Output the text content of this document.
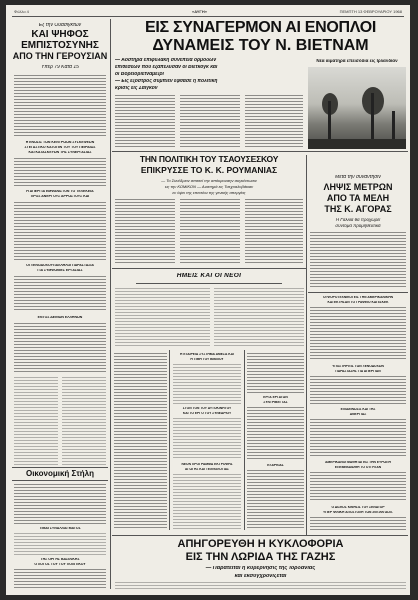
Φύλλο 4	«ΑΥΓΗ»	ΠΕΜΠΤΗ 13 ΦΕΒΡΟΥΑΡΙΟΥ 1968
Εξ την Ουάσιγκτων
ΚΑΙ ΨΗΦΟΣ
ΕΜΠΙΣΤΟΣΥΝΗΣ
ΑΠΟ ΤΗΝ ΓΕΡΟΥΣΙΑΝ
Υπέρ 79 Κατά 15
Η ΕΝΩΣΙΣ ΤΩΝ ΚΕΝΤΡΩΩΝ ΣΥΣΚΕΨΕΩΝ
ΣΤΕΓΑΣΤΙΚΟ ΚΑΤΟΠΙΝ ΤΟΥ ΤΟΥ ΠΕΙΡΑΙΩΣ
ΚΑΙ ΚΑΤΑΣΚΕΥΩΝ ΤΗΣ ΣΥΝΕΡΓΑΣΙΑΣ
Η ΑΠΕΡΓΙΑ ΕΜΦΑΝΙΣΤΟΝ ΤΟ ΤΕΛΕΚΕΙΑ
ΠΡΟΣ ΑΝΕΡΓΟΥΣ ΑΡΡΩΣΤΟΥΣ ΚΑΙ
ΟΙ ΞΕΝΟΔΟΧΟΥΠΑΛΛΗΛΟΙ ΠΑΡΑΣΤΑΣΙΑ
ΓΙΑ ΣΥΜΦΩΝΙΕΣ ΕΡΓΑΣΙΑΣ
ΕΝΤΟΣ ΔΕΙΝΩΝ ΕΛΛΗΝΩΝ
Οικονομική Στήλη
ΤΙΜΑΙ ΣΥΝΑΛΛΑΓΜΑΤΟΣ
ΤΗΣ ΟΡΓΗΣ ΒΑΣΙΛΙΚΗΣ
Ο ΛΟΓΟΣ ΤΟΥ ΤΟΥ ΠΟΛΙΤΙΚΟΥ
ΕΙΣ ΣΥΝΑΓΕΡΜΟΝ ΑΙ ΕΝΟΠΛΟΙ
ΔΥΝΑΜΕΙΣ ΤΟΥ Ν. ΒΙΕΤΝΑΜ
— Αόστηρά επιφυλακή συνεπεία ορμόδων
επιθέσεων που εξαπέλυσαν οι Βιετκόγκ και
οι Βορειοβιετναμέζοι
— Εις εξόστρος συμπίεν εφθασε ή πολιτική
κρίσις εις Σαιγκόν
Νέα αιματηρά επεισόδια εις Ιρλανδίαν
ΤΗΝ ΠΟΛΙΤΙΚΗ ΤΟΥ ΤΣΑΟΥΣΕΣΚΟΥ
ΕΠΙΚΡΥΣΣΕ ΤΟ Κ. Κ. ΡΟΥΜΑΝΙΑΣ
— Το Συνέδριον απαιτεί την απόκρουσην συγκέντωσιν
εις την ΚΟΜΙΚΟΝ — Αυστηρά εις Τσεχοσλοβάκιαν
εν όψει της επετείου της γενικής απεργίας
Μετά την συνάντησιν
ΛΗΨΙΣ ΜΕΤΡΩΝ
ΑΠΟ ΤΑ ΜΕΛΗ
ΤΗΣ Κ. ΑΓΟΡΑΣ
Η Γαλλία θα προχωρεί
σύντομα προμηθευτικά
ΗΜΕΙΣ ΚΑΙ ΟΙ ΝΕΟΙ
Η ΕΤΑΙΡΕΙΑ ΣΥΣΤΗΜΑ ΑΜΕΣΑ ΚΑΙ
Η ΤΙΜΗ ΤΟΥ ΒΙΒΛΙΟΥ
ΣΤΟΝ ΤΟΝ ΤΟΥ ΑΥΤΟΚΙΝΗΤΟΥ
ΚΑΙ ΤΟ ΕΡΓΟ ΤΟΥ ΣΥΝΕΔΡΙΟΥ
ΝΕΟΝ ΠΡΟΓΡΑΜΜΑ ΕΚΤΡΟΦΗΣ
ΑΓΩΓΗΣ ΚΑΙ ΤΕΧΝΟΛΟΓΙΑΣ
ΕΡΓΑ ΕΡΓΑΤΩΝ
ΣΥΝΤΡΙΒΕΙ ΤΑΣ
ΕΞΑΡΚΙΑΣ
ΟΙ ΦΟΡΟΤΕΧΝΙΚΟΙ ΕΙΣ ΤΗΝ ΑΜΕΡΙΚΑΝΙΚΗΝ
ΚΑΤΕΚΤΗΣΑΝ ΤΟ ΓΡΑΦΕΙΟ ΚΑΠΙΣΚΕΚ
ΥΠΟΣΤΗΡΙΞΙΣ ΤΩΝ ΞΕΝΟΔΟΧΩΝ
ΠΑΡΑΣΤΑΣΗΣ ΓΙΑ ΑΠΕΡΓΙΑΝ
ΕΠΙΔΕΙΝΩΣΙΣ ΚΑΙ ΤΗΣ
ΑΝΕΡΓΙΑΣ
ΑΜΕΡΙΚΑΝΟΙ ΜΑΘΗΤΑΙ ΕΙΣ ΤΗΝ ΕΥΡΩΠΗ
ΕΠΕΒΕΒΑΙΩΘΗ ΤΟ ΟΤΙ ΗΤΑΝ
Ο ΔΙΣΚΟΣ ΚΙΝΗΣΙΣ ΤΟΥ ΣΕΝΑΤΟΡ
ΥΠΕΡ ΦΙΛΙΚΗ ΑΠΟΣΤΟΛΗ ΤΩΝ 200.000 ΔΟΛ.
ΑΠΗΓΟΡΕΥΘΗ Η ΚΥΚΛΟΦΟΡΙΑ
ΕΙΣ ΤΗΝ ΛΩΡΙΔΑ ΤΗΣ ΓΑΖΗΣ
— Παρατεῖται ή κυβέρνησις τῆς Ἰορδανίας
και εκσυγχρονίζεται
